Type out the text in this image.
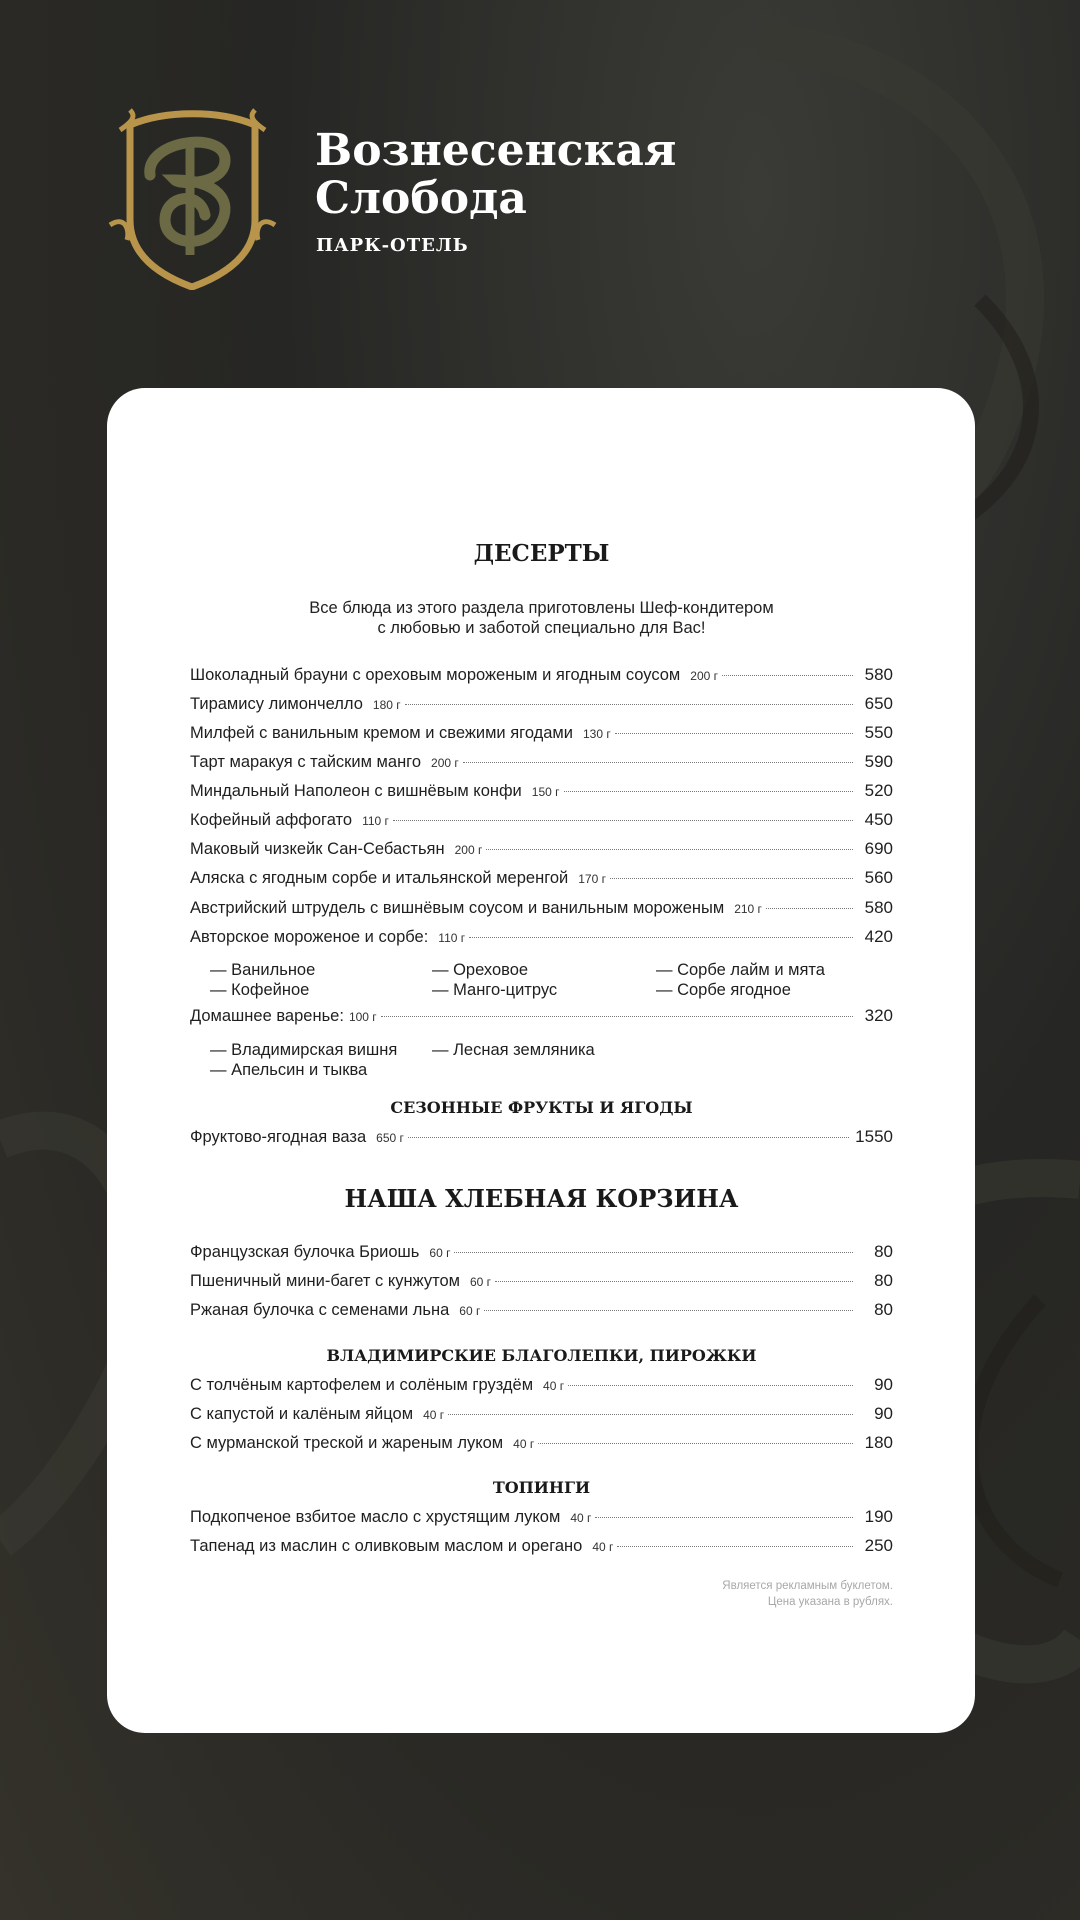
Вознесенская
Слобода
ПАРК-ОТЕЛЬ
ДЕСЕРТЫ
Все блюда из этого раздела приготовлены Шеф-кондитером
с любовью и заботой специально для Вас!
Шоколадный брауни с ореховым мороженым и ягодным соусом 200 г	580
Тирамису лимончелло 180 г	650
Милфей с ванильным кремом и свежими ягодами 130 г	550
Тарт маракуя с тайским манго 200 г	590
Миндальный Наполеон с вишнёвым конфи 150 г	520
Кофейный аффогато 110 г	450
Маковый чизкейк Сан-Себастьян 200 г	690
Аляска с ягодным сорбе и итальянской меренгой 170 г	560
Австрийский штрудель с вишнёвым соусом и ванильным мороженым 210 г	580
Авторское мороженое и сорбе: 110 г	420
— Ванильное
— Кофейное
— Ореховое
— Манго-цитрус
— Сорбе лайм и мята
— Сорбе ягодное
Домашнее варенье: 100 г	320
— Владимирская вишня
— Апельсин и тыква
— Лесная земляника
СЕЗОННЫЕ ФРУКТЫ И ЯГОДЫ
Фруктово-ягодная ваза 650 г	1550
НАША ХЛЕБНАЯ КОРЗИНА
Французская булочка Бриошь 60 г	80
Пшеничный мини-багет с кунжутом 60 г	80
Ржаная булочка с семенами льна 60 г	80
ВЛАДИМИРСКИЕ БЛАГОЛЕПКИ, ПИРОЖКИ
С толчёным картофелем и солёным груздём 40 г	90
С капустой и калёным яйцом 40 г	90
С мурманской треской и жареным луком 40 г	180
ТОПИНГИ
Подкопченое взбитое масло с хрустящим луком 40 г	190
Тапенад из маслин с оливковым маслом и орегано 40 г	250
Является рекламным буклетом.
Цена указана в рублях.
